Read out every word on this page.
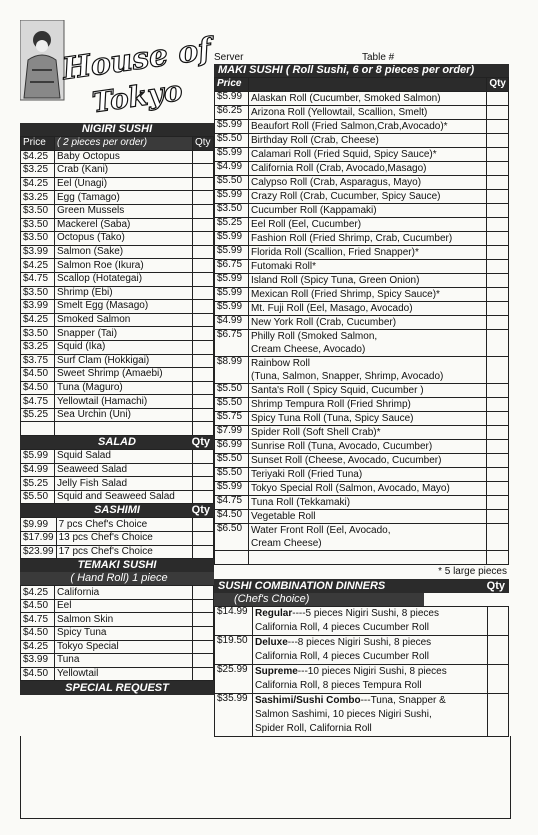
House of
Tokyo
Server	Table #
NIGIRI SUSHI
Price	( 2 pieces per order)	Qty
$4.25	Baby Octopus	
$3.25	Crab (Kani)	
$4.25	Eel (Unagi)	
$3.25	Egg (Tamago)	
$3.50	Green Mussels	
$3.50	Mackerel (Saba)	
$3.50	Octopus (Tako)	
$3.99	Salmon (Sake)	
$4.25	Salmon Roe (Ikura)	
$4.75	Scallop (Hotategai)	
$3.50	Shrimp (Ebi)	
$3.99	Smelt Egg (Masago)	
$4.25	Smoked Salmon	
$3.50	Snapper (Tai)	
$3.25	Squid (Ika)	
$3.75	Surf Clam (Hokkigai)	
$4.50	Sweet Shrimp (Amaebi)	
$4.50	Tuna (Maguro)	
$4.75	Yellowtail (Hamachi)	
$5.25	Sea Urchin (Uni)	

SALAD	Qty
$5.99	Squid Salad	
$4.99	Seaweed Salad	
$5.25	Jelly Fish Salad	
$5.50	Squid and Seaweed Salad	
SASHIMI	Qty
$9.99	7 pcs Chef's Choice	
$17.99	13 pcs Chef's Choice	
$23.99	17 pcs Chef's Choice	
TEMAKI SUSHI
( Hand Roll) 1 piece
$4.25	California	
$4.50	Eel	
$4.75	Salmon Skin	
$4.50	Spicy Tuna	
$4.25	Tokyo Special	
$3.99	Tuna	
$4.50	Yellowtail	
SPECIAL REQUEST
MAKI SUSHI ( Roll Sushi, 6 or 8 pieces per order)
Price		Qty
$5.99	Alaskan Roll (Cucumber, Smoked Salmon)	

$6.25	Arizona Roll (Yellowtail, Scallion, Smelt)	

$5.99	Beaufort Roll (Fried Salmon,Crab,Avocado)*	

$5.50	Birthday Roll (Crab, Cheese)	

$5.99	Calamari Roll (Fried Squid, Spicy Sauce)*	

$4.99	California Roll (Crab, Avocado,Masago)	

$5.50	Calypso Roll (Crab, Asparagus, Mayo)	

$5.99	Crazy Roll (Crab, Cucumber, Spicy Sauce)	

$3.50	Cucumber Roll (Kappamaki)	

$5.25	Eel Roll (Eel, Cucumber)	

$5.99	Fashion Roll (Fried Shrimp, Crab, Cucumber)	

$5.99	Florida Roll (Scallion, Fried Snapper)*	

$6.75	Futomaki Roll*	

$5.99	Island Roll (Spicy Tuna, Green Onion)	

$5.99	Mexican Roll (Fried Shrimp, Spicy Sauce)*	

$5.99	Mt. Fuji Roll (Eel, Masago, Avocado)	

$4.99	New York Roll (Crab, Cucumber)	

$6.75	Philly Roll (Smoked Salmon,
Cream Cheese, Avocado)	

$8.99	Rainbow Roll
(Tuna, Salmon, Snapper, Shrimp, Avocado)	

$5.50	Santa's Roll ( Spicy Squid, Cucumber )	

$5.50	Shrimp Tempura Roll (Fried Shrimp)	

$5.75	Spicy Tuna Roll (Tuna, Spicy Sauce)	

$7.99	Spider Roll (Soft Shell Crab)*	

$6.99	Sunrise Roll (Tuna, Avocado, Cucumber)	

$5.50	Sunset Roll (Cheese, Avocado, Cucumber)	

$5.50	Teriyaki Roll (Fried Tuna)	

$5.99	Tokyo Special Roll (Salmon, Avocado, Mayo)	

$4.75	Tuna Roll (Tekkamaki)	

$4.50	Vegetable Roll	

$6.50	Water Front Roll (Eel, Avocado,
Cream Cheese)	

* 5 large pieces
SUSHI COMBINATION DINNERS	Qty
(Chef's Choice)
$14.99	Regular----5 pieces Nigiri Sushi, 8 pieces
California Roll, 4 pieces Cucumber Roll	

$19.50	Deluxe---8 pieces Nigiri Sushi, 8 pieces
California Roll, 4 pieces Cucumber Roll	

$25.99	Supreme---10 pieces Nigiri Sushi, 8 pieces
California Roll, 8 pieces Tempura Roll	

$35.99	Sashimi/Sushi Combo---Tuna, Snapper &
Salmon Sashimi, 10 pieces Nigiri Sushi,
Spider Roll, California Roll	
